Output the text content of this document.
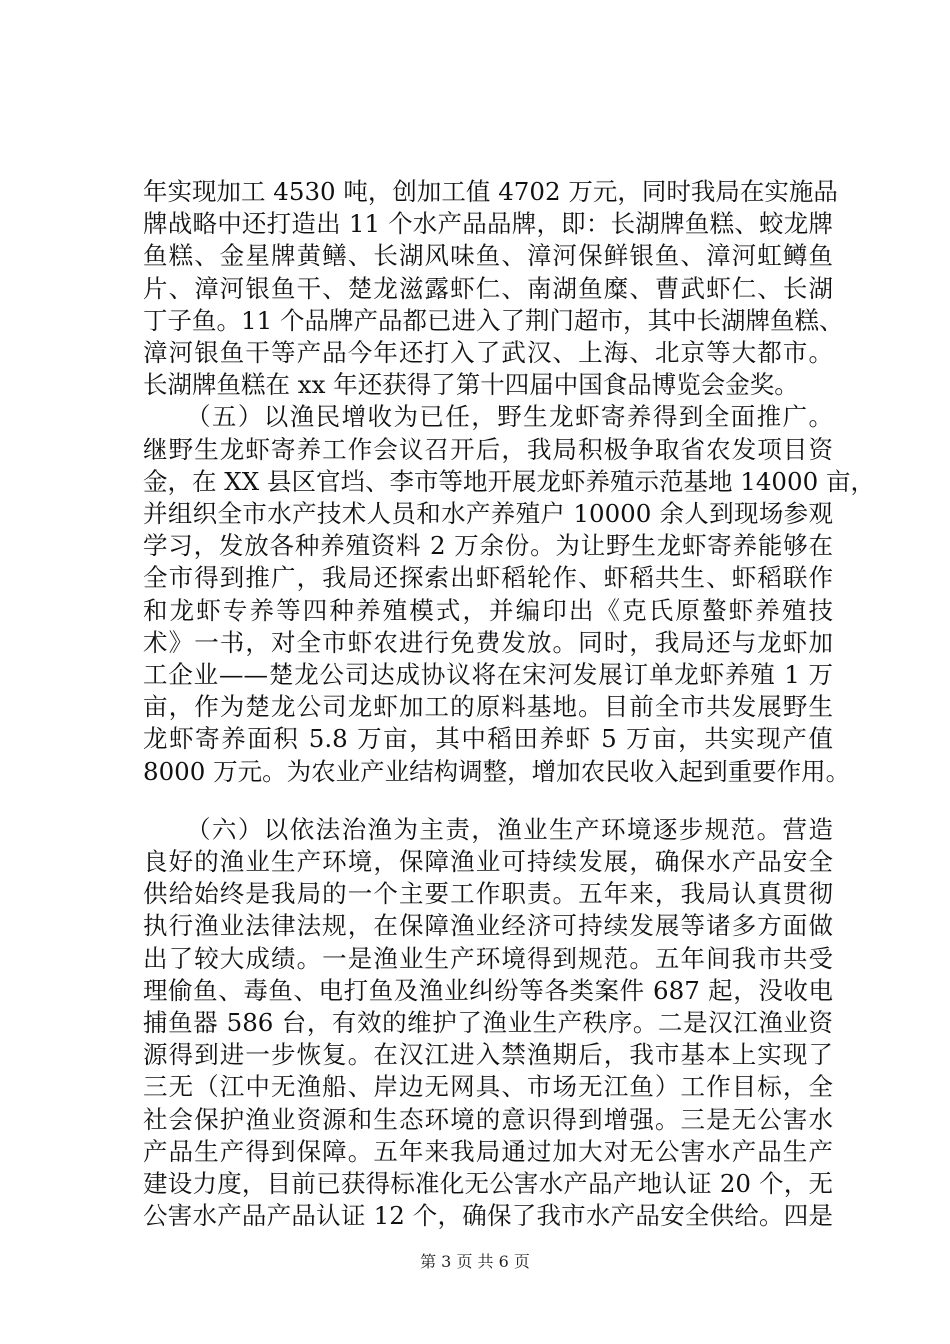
年实现加工 4530 吨，创加工值 4702 万元，同时我局在实施品
牌战略中还打造出 11 个水产品品牌，即：长湖牌鱼糕、蛟龙牌
鱼糕、金星牌黄鳝、长湖风味鱼、漳河保鲜银鱼、漳河虹鳟鱼
片、漳河银鱼干、楚龙滋露虾仁、南湖鱼糜、曹武虾仁、长湖
丁子鱼。11 个品牌产品都已进入了荆门超市，其中长湖牌鱼糕、
漳河银鱼干等产品今年还打入了武汉、上海、北京等大都市。
长湖牌鱼糕在 xx 年还获得了第十四届中国食品博览会金奖。
（五）以渔民增收为已任，野生龙虾寄养得到全面推广。
继野生龙虾寄养工作会议召开后，我局积极争取省农发项目资
金，在 XX 县区官垱、李市等地开展龙虾养殖示范基地 14000 亩，
并组织全市水产技术人员和水产养殖户 10000 余人到现场参观
学习，发放各种养殖资料 2 万余份。为让野生龙虾寄养能够在
全市得到推广，我局还探索出虾稻轮作、虾稻共生、虾稻联作
和龙虾专养等四种养殖模式，并编印出《克氏原螯虾养殖技
术》一书，对全市虾农进行免费发放。同时，我局还与龙虾加
工企业——楚龙公司达成协议将在宋河发展订单龙虾养殖 1 万
亩，作为楚龙公司龙虾加工的原料基地。目前全市共发展野生
龙虾寄养面积 5.8 万亩，其中稻田养虾 5 万亩，共实现产值
8000 万元。为农业产业结构调整，增加农民收入起到重要作用。
（六）以依法治渔为主责，渔业生产环境逐步规范。营造
良好的渔业生产环境，保障渔业可持续发展，确保水产品安全
供给始终是我局的一个主要工作职责。五年来，我局认真贯彻
执行渔业法律法规，在保障渔业经济可持续发展等诸多方面做
出了较大成绩。一是渔业生产环境得到规范。五年间我市共受
理偷鱼、毒鱼、电打鱼及渔业纠纷等各类案件 687 起，没收电
捕鱼器 586 台，有效的维护了渔业生产秩序。二是汉江渔业资
源得到进一步恢复。在汉江进入禁渔期后，我市基本上实现了
三无（江中无渔船、岸边无网具、市场无江鱼）工作目标，全
社会保护渔业资源和生态环境的意识得到增强。三是无公害水
产品生产得到保障。五年来我局通过加大对无公害水产品生产
建设力度，目前已获得标准化无公害水产品产地认证 20 个，无
公害水产品产品认证 12 个，确保了我市水产品安全供给。四是
第 3 页 共 6 页
